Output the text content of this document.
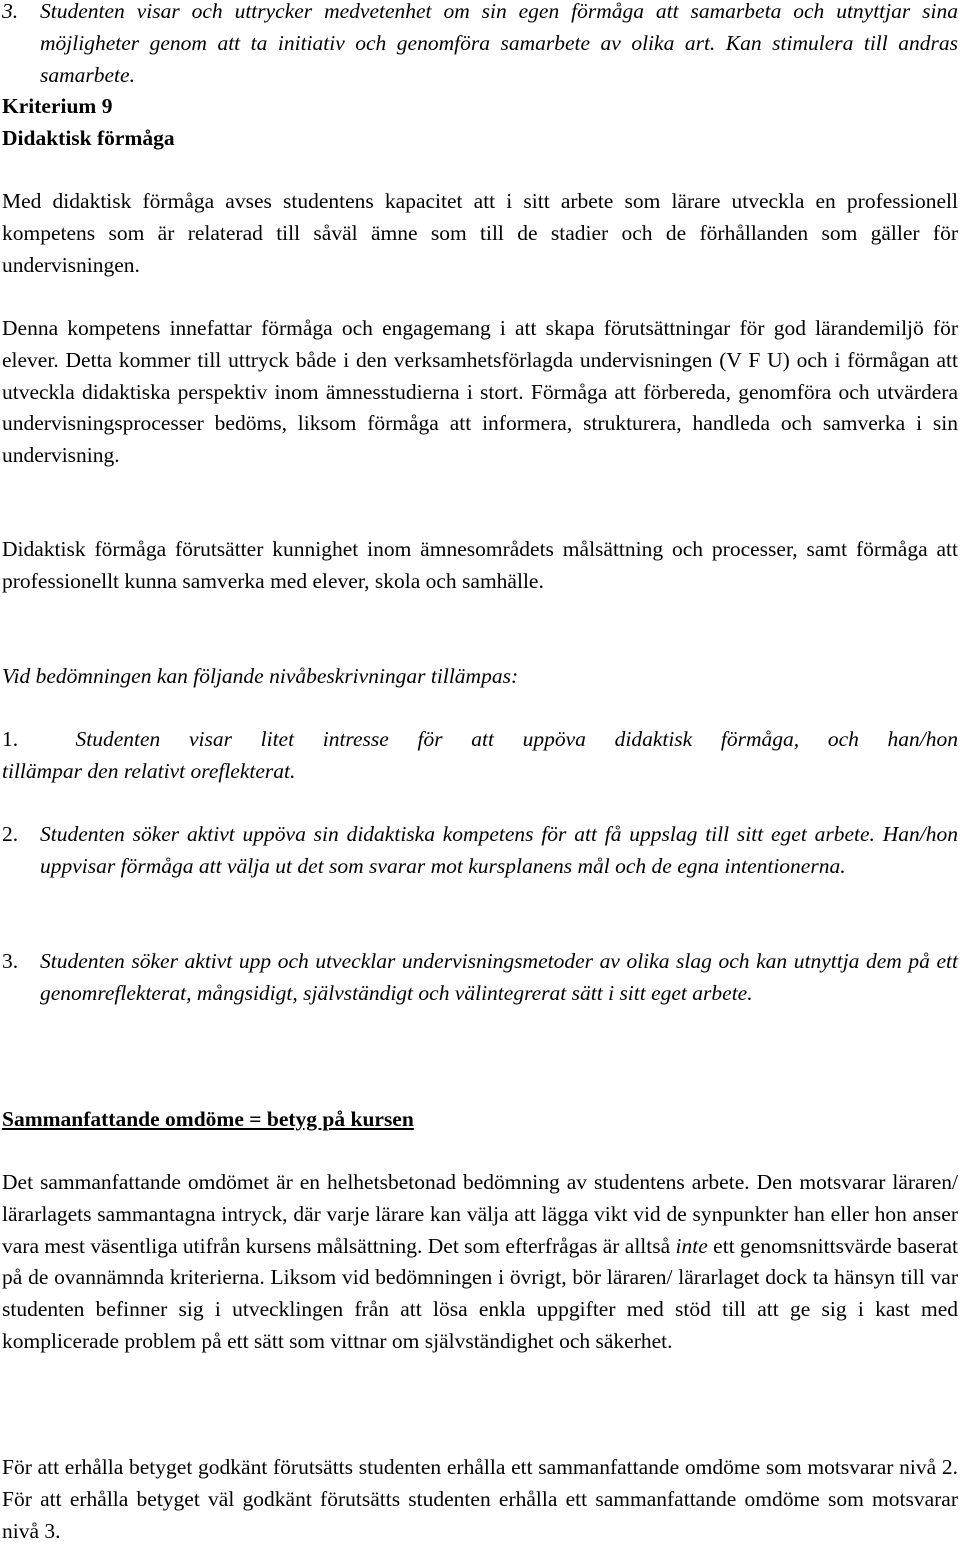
3.	Studenten visar och uttrycker medvetenhet om sin egen förmåga att samarbeta och utnyttjar sina möjligheter genom att ta initiativ och genomföra samarbete av olika art. Kan stimulera till andras samarbete.
Kriterium 9
Didaktisk förmåga

Med didaktisk förmåga avses studentens kapacitet att i sitt arbete som lärare utveckla en professionell kompetens som är relaterad till såväl ämne som till de stadier och de förhållanden som gäller för undervisningen.

Denna kompetens innefattar förmåga och engagemang i att skapa förutsättningar för god lärandemiljö för elever. Detta kommer till uttryck både i den verksamhetsförlagda undervisningen (V F U) och i förmågan att utveckla didaktiska perspektiv inom ämnesstudierna i stort. Förmåga att förbereda, genomföra och utvärdera undervisningsprocesser bedöms, liksom förmåga att informera, strukturera, handleda och samverka i sin undervisning.

Didaktisk förmåga förutsätter kunnighet inom ämnesområdets målsättning och processer, samt förmåga att professionellt kunna samverka med elever, skola och samhälle.

Vid bedömningen kan följande nivåbeskrivningar tillämpas:

1.	Studenten visar litet intresse för att uppöva didaktisk förmåga, och han/hon

tillämpar den relativt oreflekterat.

2.	Studenten söker aktivt uppöva sin didaktiska kompetens för att få uppslag till sitt eget arbete. Han/hon uppvisar förmåga att välja ut det som svarar mot kursplanens mål och de egna intentionerna.
3.	Studenten söker aktivt upp och utvecklar undervisningsmetoder av olika slag och kan utnyttja dem på ett genomreflekterat, mångsidigt, självständigt och välintegrerat sätt i sitt eget arbete.
Sammanfattande omdöme = betyg på kursen

Det sammanfattande omdömet är en helhetsbetonad bedömning av studentens arbete. Den motsvarar läraren/ lärarlagets sammantagna intryck, där varje lärare kan välja att lägga vikt vid de synpunkter han eller hon anser vara mest väsentliga utifrån kursens målsättning. Det som efterfrågas är alltså inte ett genomsnittsvärde baserat på de ovannämnda kriterierna. Liksom vid bedömningen i övrigt, bör läraren/ lärarlaget dock ta hänsyn till var studenten befinner sig i utvecklingen från att lösa enkla uppgifter med stöd till att ge sig i kast med komplicerade problem på ett sätt som vittnar om självständighet och säkerhet.

För att erhålla betyget godkänt förutsätts studenten erhålla ett sammanfattande omdöme som motsvarar nivå 2. För att erhålla betyget väl godkänt förutsätts studenten erhålla ett sammanfattande omdöme som motsvarar nivå 3.
